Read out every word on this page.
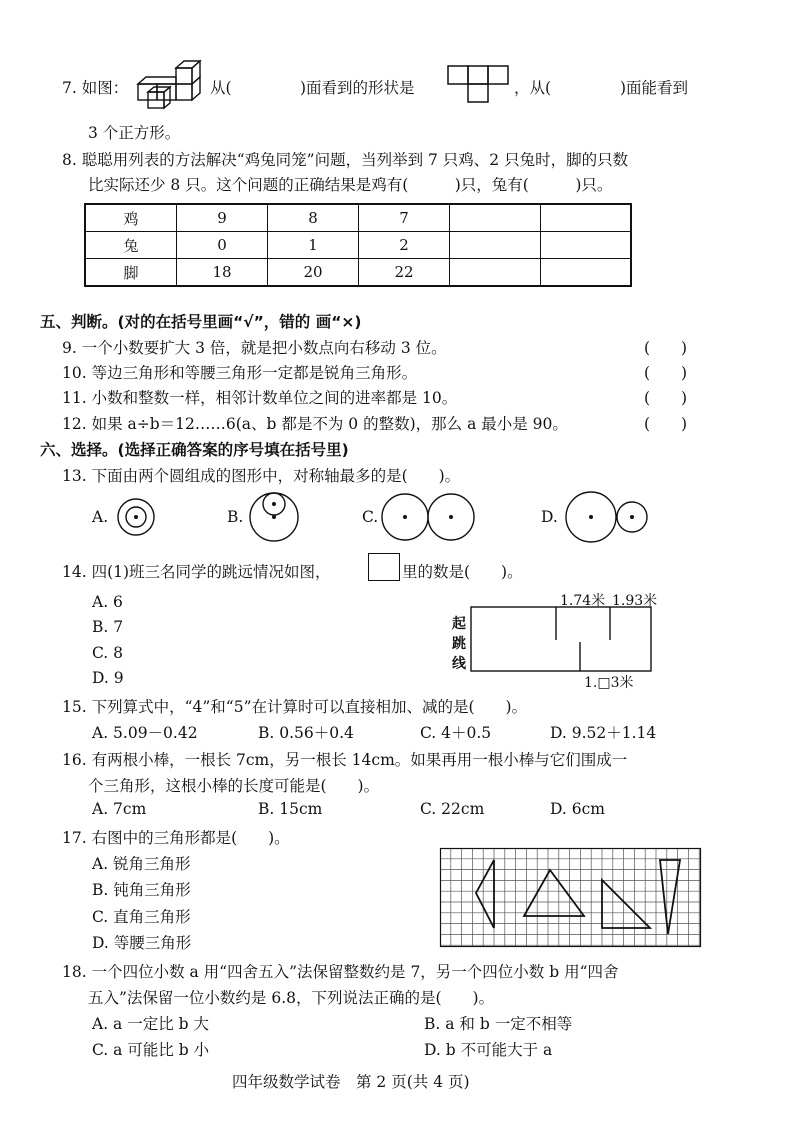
7. 如图：	从(	)面看到的形状是	，从(	)面能看到
3 个正方形。
8. 聪聪用列表的方法解决“鸡兔同笼”问题，当列举到 7 只鸡、2 只兔时，脚的只数
比实际还少 8 只。这个问题的正确结果是鸡有(　　　)只，兔有(　　　)只。
鸡	9	8	7		
兔	0	1	2		
脚	18	20	22		
五、判断。(对的在括号里画“√”，错的 画“×)
9. 一个小数要扩大 3 倍，就是把小数点向右移动 3 位。	(　　)
10. 等边三角形和等腰三角形一定都是锐角三角形。	(　　)
11. 小数和整数一样，相邻计数单位之间的进率都是 10。	(　　)
12. 如果 a÷b＝12……6(a、b 都是不为 0 的整数)，那么 a 最小是 90。	(　　)
六、选择。(选择正确答案的序号填在括号里)
13. 下面由两个圆组成的图形中，对称轴最多的是(　　)。
A.	B.	C.	D.
14. 四(1)班三名同学的跳远情况如图，	里的数是(　　)。
A. 6
B. 7
C. 8
D. 9
起跳线
1.74米 1.93米
1.□3米
15. 下列算式中，“4”和“5”在计算时可以直接相加、减的是(　　)。
A. 5.09－0.42	B. 0.56＋0.4	C. 4＋0.5	D. 9.52＋1.14
16. 有两根小棒，一根长 7cm，另一根长 14cm。如果再用一根小棒与它们围成一
个三角形，这根小棒的长度可能是(　　)。
A. 7cm	B. 15cm	C. 22cm	D. 6cm
17. 右图中的三角形都是(　　)。
A. 锐角三角形
B. 钝角三角形
C. 直角三角形
D. 等腰三角形
18. 一个四位小数 a 用“四舍五入”法保留整数约是 7，另一个四位小数 b 用“四舍
五入”法保留一位小数约是 6.8，下列说法正确的是(　　)。
A. a 一定比 b 大	B. a 和 b 一定不相等
C. a 可能比 b 小	D. b 不可能大于 a
四年级数学试卷　第 2 页(共 4 页)
